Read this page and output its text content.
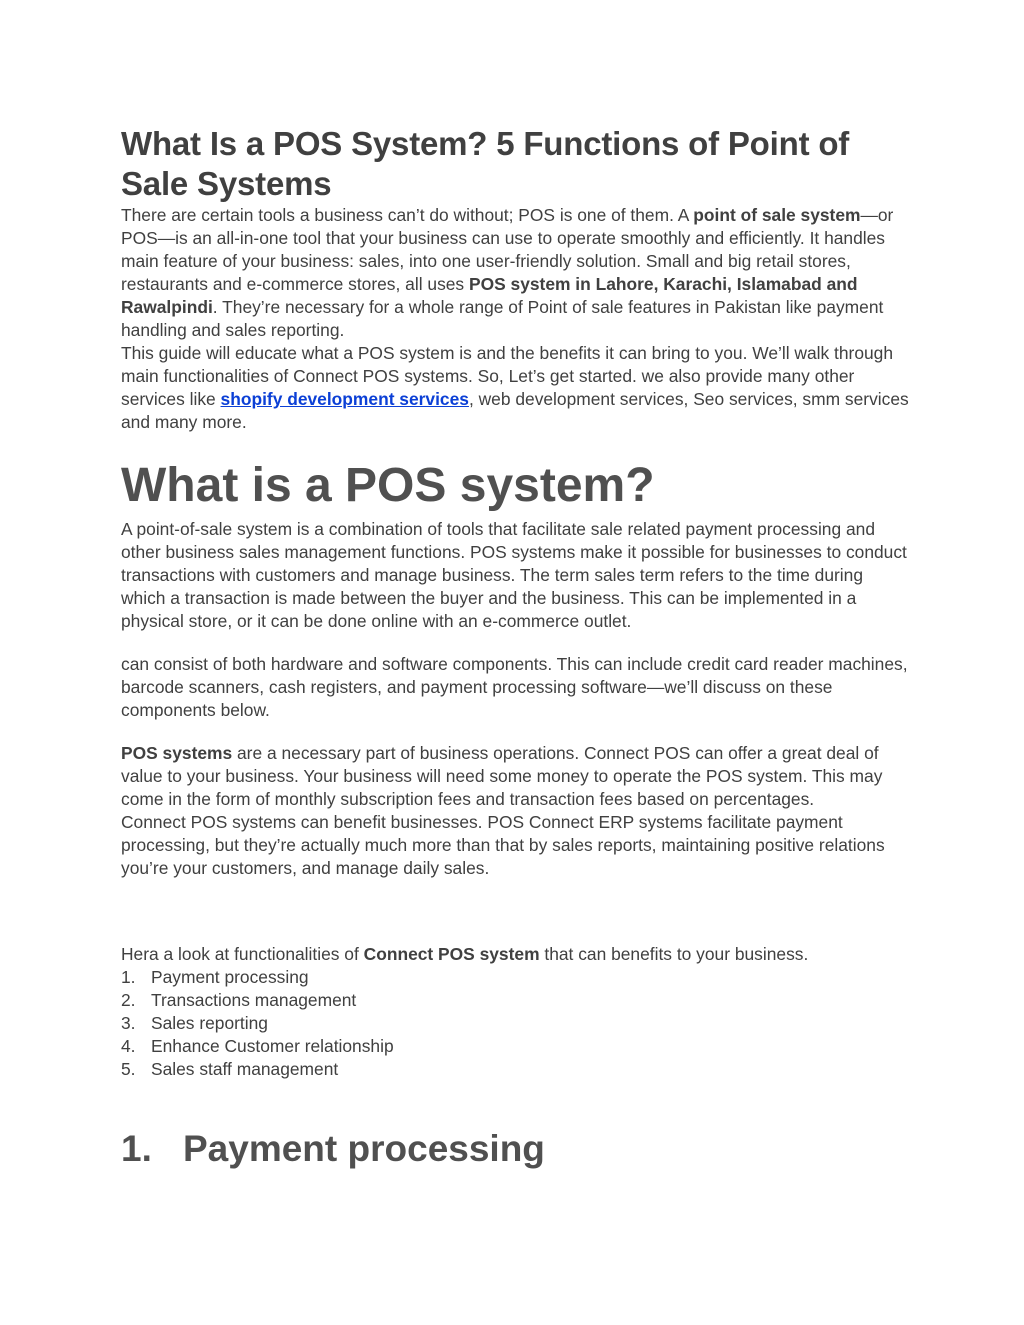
What Is a POS System? 5 Functions of Point of Sale Systems

There are certain tools a business can’t do without; POS is one of them. A point of sale system—or POS—is an all-in-one tool that your business can use to operate smoothly and efficiently. It handles main feature of your business: sales, into one user-friendly solution. Small and big retail stores, restaurants and e-commerce stores, all uses POS system in Lahore, Karachi, Islamabad and Rawalpindi. They’re necessary for a whole range of Point of sale features in Pakistan like payment handling and sales reporting.

This guide will educate what a POS system is and the benefits it can bring to you. We’ll walk through main functionalities of Connect POS systems. So, Let’s get started. we also provide many other services like shopify development services, web development services, Seo services, smm services and many more.

What is a POS system?

A point-of-sale system is a combination of tools that facilitate sale related payment processing and other business sales management functions. POS systems make it possible for businesses to conduct transactions with customers and manage business. The term sales term refers to the time during which a transaction is made between the buyer and the business. This can be implemented in a physical store, or it can be done online with an e-commerce outlet.

can consist of both hardware and software components. This can include credit card reader machines, barcode scanners, cash registers, and payment processing software—we’ll discuss on these components below.

POS systems are a necessary part of business operations. Connect POS can offer a great deal of value to your business. Your business will need some money to operate the POS system. This may come in the form of monthly subscription fees and transaction fees based on percentages.

Connect POS systems can benefit businesses. POS Connect ERP systems facilitate payment processing, but they’re actually much more than that by sales reports, maintaining positive relations you’re your customers, and manage daily sales.

Hera a look at functionalities of Connect POS system that can benefits to your business.

1. Payment processing
2. Transactions management
3. Sales reporting
4. Enhance Customer relationship
5. Sales staff management
1. Payment processing
